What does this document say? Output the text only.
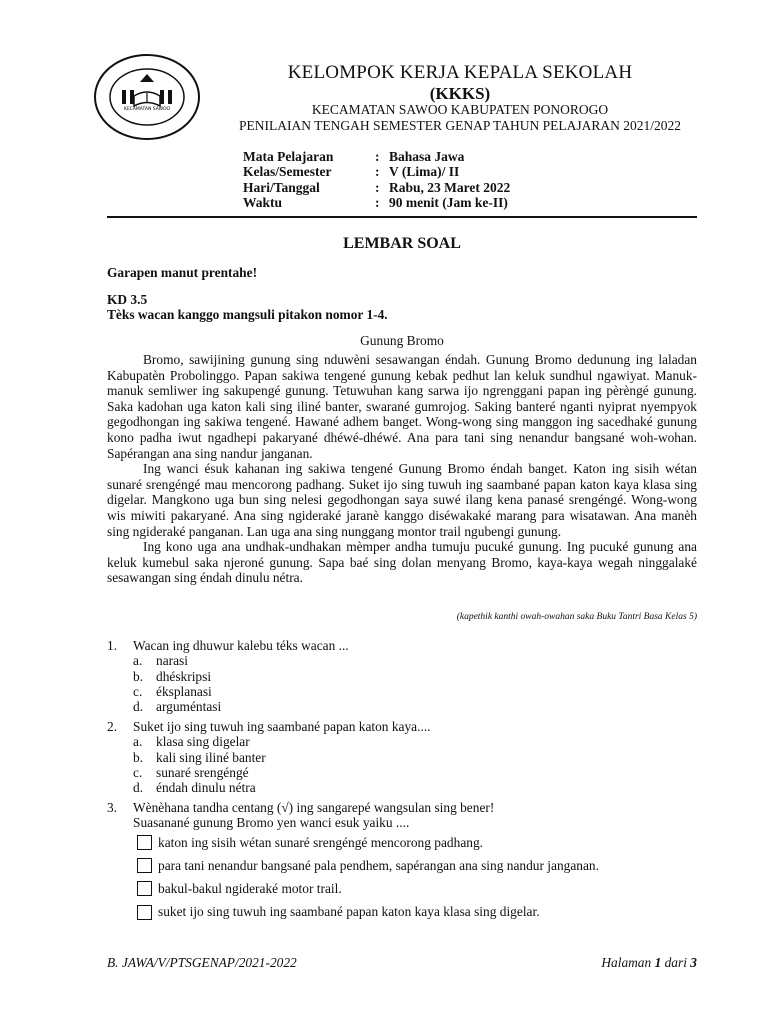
KECAMATAN SAWOO
KELOMPOK KERJA KEPALA SEKOLAH
(KKKS)
KECAMATAN SAWOO KABUPATEN PONOROGO
PENILAIAN TENGAH SEMESTER GENAP TAHUN PELAJARAN 2021/2022
Mata Pelajaran	: Bahasa Jawa
Kelas/Semester	: V (Lima)/ II
Hari/Tanggal	: Rabu, 23 Maret 2022
Waktu	: 90 menit (Jam ke-II)
LEMBAR SOAL
Garapen manut prentahe!
KD 3.5
Tèks wacan kanggo mangsuli pitakon nomor 1-4.
Gunung Bromo

Bromo, sawijining gunung sing nduwèni sesawangan éndah. Gunung Bromo dedunung ing laladan Kabupatèn Probolinggo. Papan sakiwa tengené gunung kebak pedhut lan keluk sundhul ngawiyat. Manuk-manuk semliwer ing sakupengé gunung. Tetuwuhan kang sarwa ijo ngrenggani papan ing pèrèngé gunung. Saka kadohan uga katon kali sing iliné banter, swarané gumrojog. Saking banteré nganti nyiprat nyempyok gegodhongan ing sakiwa tengené. Hawané adhem banget. Wong-wong sing manggon ing sacedhaké gunung kono padha iwut ngadhepi pakaryané dhéwé-dhéwé. Ana para tani sing nenandur bangsané woh-wohan. Sapérangan ana sing nandur janganan.

Ing wanci ésuk kahanan ing sakiwa tengené Gunung Bromo éndah banget. Katon ing sisih wétan sunaré srengéngé mau mencorong padhang. Suket ijo sing tuwuh ing saambané papan katon kaya klasa sing digelar. Mangkono uga bun sing nelesi gegodhongan saya suwé ilang kena panasé srengéngé. Wong-wong wis miwiti pakaryané. Ana sing ngideraké jaranè kanggo diséwakaké marang para wisatawan. Ana manèh sing ngideraké panganan. Lan uga ana sing nunggang montor trail ngubengi gunung.

Ing kono uga ana undhak-undhakan mèmper andha tumuju pucuké gunung. Ing pucuké gunung ana keluk kumebul saka njeroné gunung. Sapa baé sing dolan menyang Bromo, kaya-kaya wegah ninggalaké sesawangan sing éndah dinulu nétra.

(kapethik kanthi owah-owahan saka Buku Tantri Basa Kelas 5)
1.	Wacan ing dhuwur kalebu téks wacan ...
a.	narasi
b. dhéskripsi
c.	éksplanasi
d. arguméntasi
2.	Suket ijo sing tuwuh ing saambané papan katon kaya....
a.	klasa sing digelar
b. kali sing iliné banter
c.	sunaré srengéngé
d. éndah dinulu nétra
3.	Wènèhana tandha centang (√) ing sangarepé wangsulan sing bener!
Suasanané gunung Bromo yen wanci esuk yaiku ....
katon ing sisih wétan sunaré srengéngé mencorong padhang.
para tani nenandur bangsané pala pendhem, sapérangan ana sing nandur janganan.
bakul-bakul ngideraké motor trail.
suket ijo sing tuwuh ing saambané papan katon kaya klasa sing digelar.
B. JAWA/V/PTSGENAP/2021-2022	Halaman 1 dari 3
